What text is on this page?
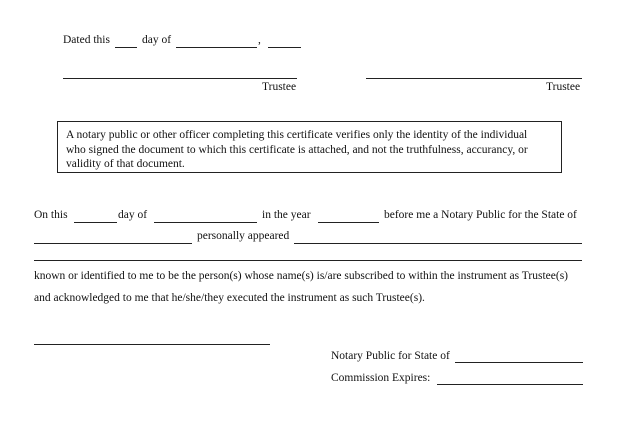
Dated this	day of	,
Trustee	Trustee
A notary public or other officer completing this certificate verifies only the identity of the individual
who signed the document to which this certificate is attached, and not the truthfulness, accurancy, or
validity of that document.
On this	day of	in the year	before me a Notary Public for the State of
personally appeared
known or identified to me to be the person(s) whose name(s) is/are subscribed to within the instrument as Trustee(s)
and acknowledged to me that he/she/they executed the instrument as such Trustee(s).
Notary Public for State of
Commission Expires:
